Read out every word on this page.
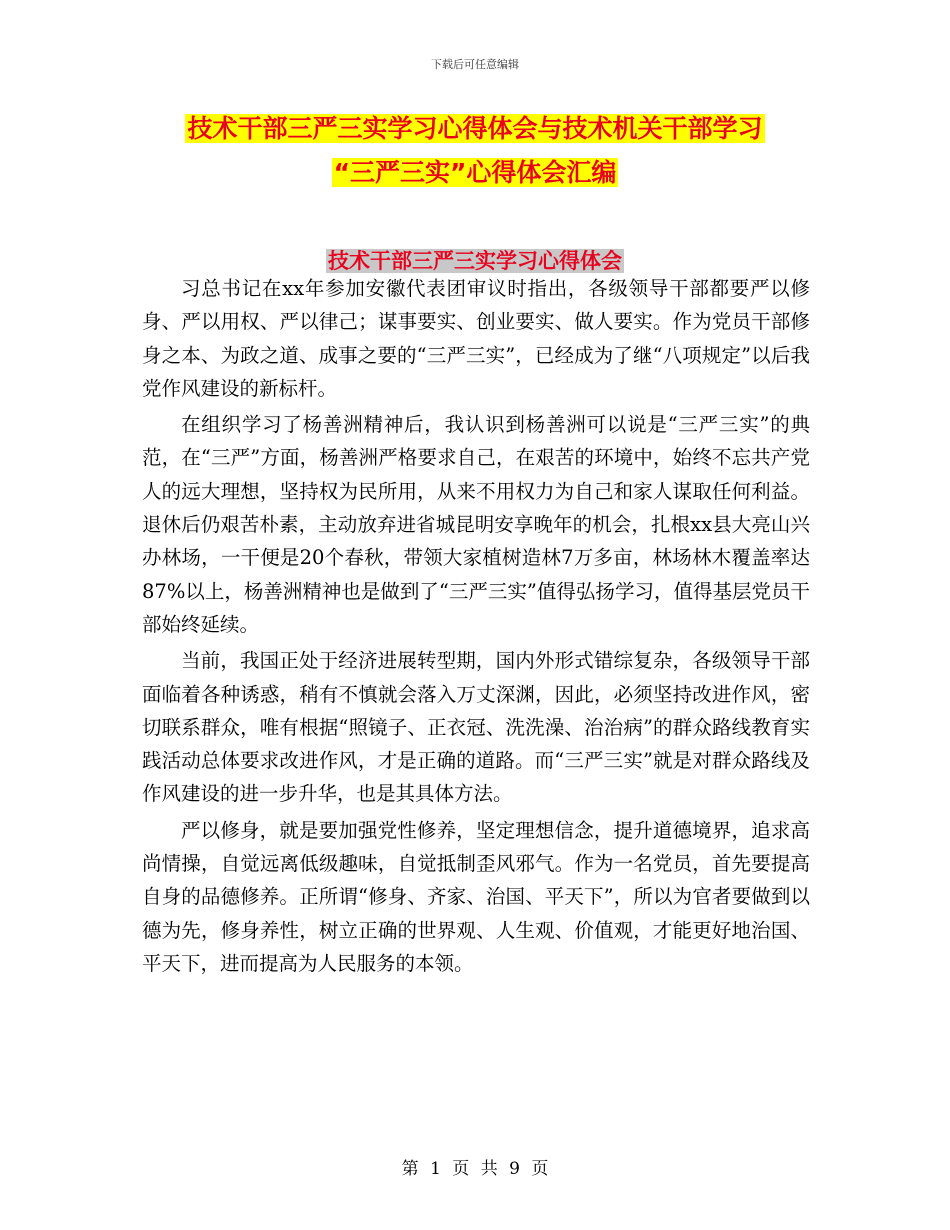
下载后可任意编辑
技术干部三严三实学习心得体会与技术机关干部学习
“三严三实”心得体会汇编
技术干部三严三实学习心得体会

习总书记在xx年参加安徽代表团审议时指出，各级领导干部都要严以修身、严以用权、严以律己；谋事要实、创业要实、做人要实。作为党员干部修身之本、为政之道、成事之要的“三严三实”，已经成为了继“八项规定”以后我党作风建设的新标杆。

在组织学习了杨善洲精神后，我认识到杨善洲可以说是“三严三实”的典范，在“三严”方面，杨善洲严格要求自己，在艰苦的环境中，始终不忘共产党人的远大理想，坚持权为民所用，从来不用权力为自己和家人谋取任何利益。退休后仍艰苦朴素，主动放弃进省城昆明安享晚年的机会，扎根xx县大亮山兴办林场，一干便是20个春秋，带领大家植树造林7万多亩，林场林木覆盖率达87%以上，杨善洲精神也是做到了“三严三实”值得弘扬学习，值得基层党员干部始终延续。

当前，我国正处于经济进展转型期，国内外形式错综复杂，各级领导干部面临着各种诱惑，稍有不慎就会落入万丈深渊，因此，必须坚持改进作风，密切联系群众，唯有根据“照镜子、正衣冠、洗洗澡、治治病”的群众路线教育实践活动总体要求改进作风，才是正确的道路。而“三严三实”就是对群众路线及作风建设的进一步升华，也是其具体方法。

严以修身，就是要加强党性修养，坚定理想信念，提升道德境界，追求高尚情操，自觉远离低级趣味，自觉抵制歪风邪气。作为一名党员，首先要提高自身的品德修养。正所谓“修身、齐家、治国、平天下”，所以为官者要做到以德为先，修身养性，树立正确的世界观、人生观、价值观，才能更好地治国、平天下，进而提高为人民服务的本领。

第 1 页 共 9 页
